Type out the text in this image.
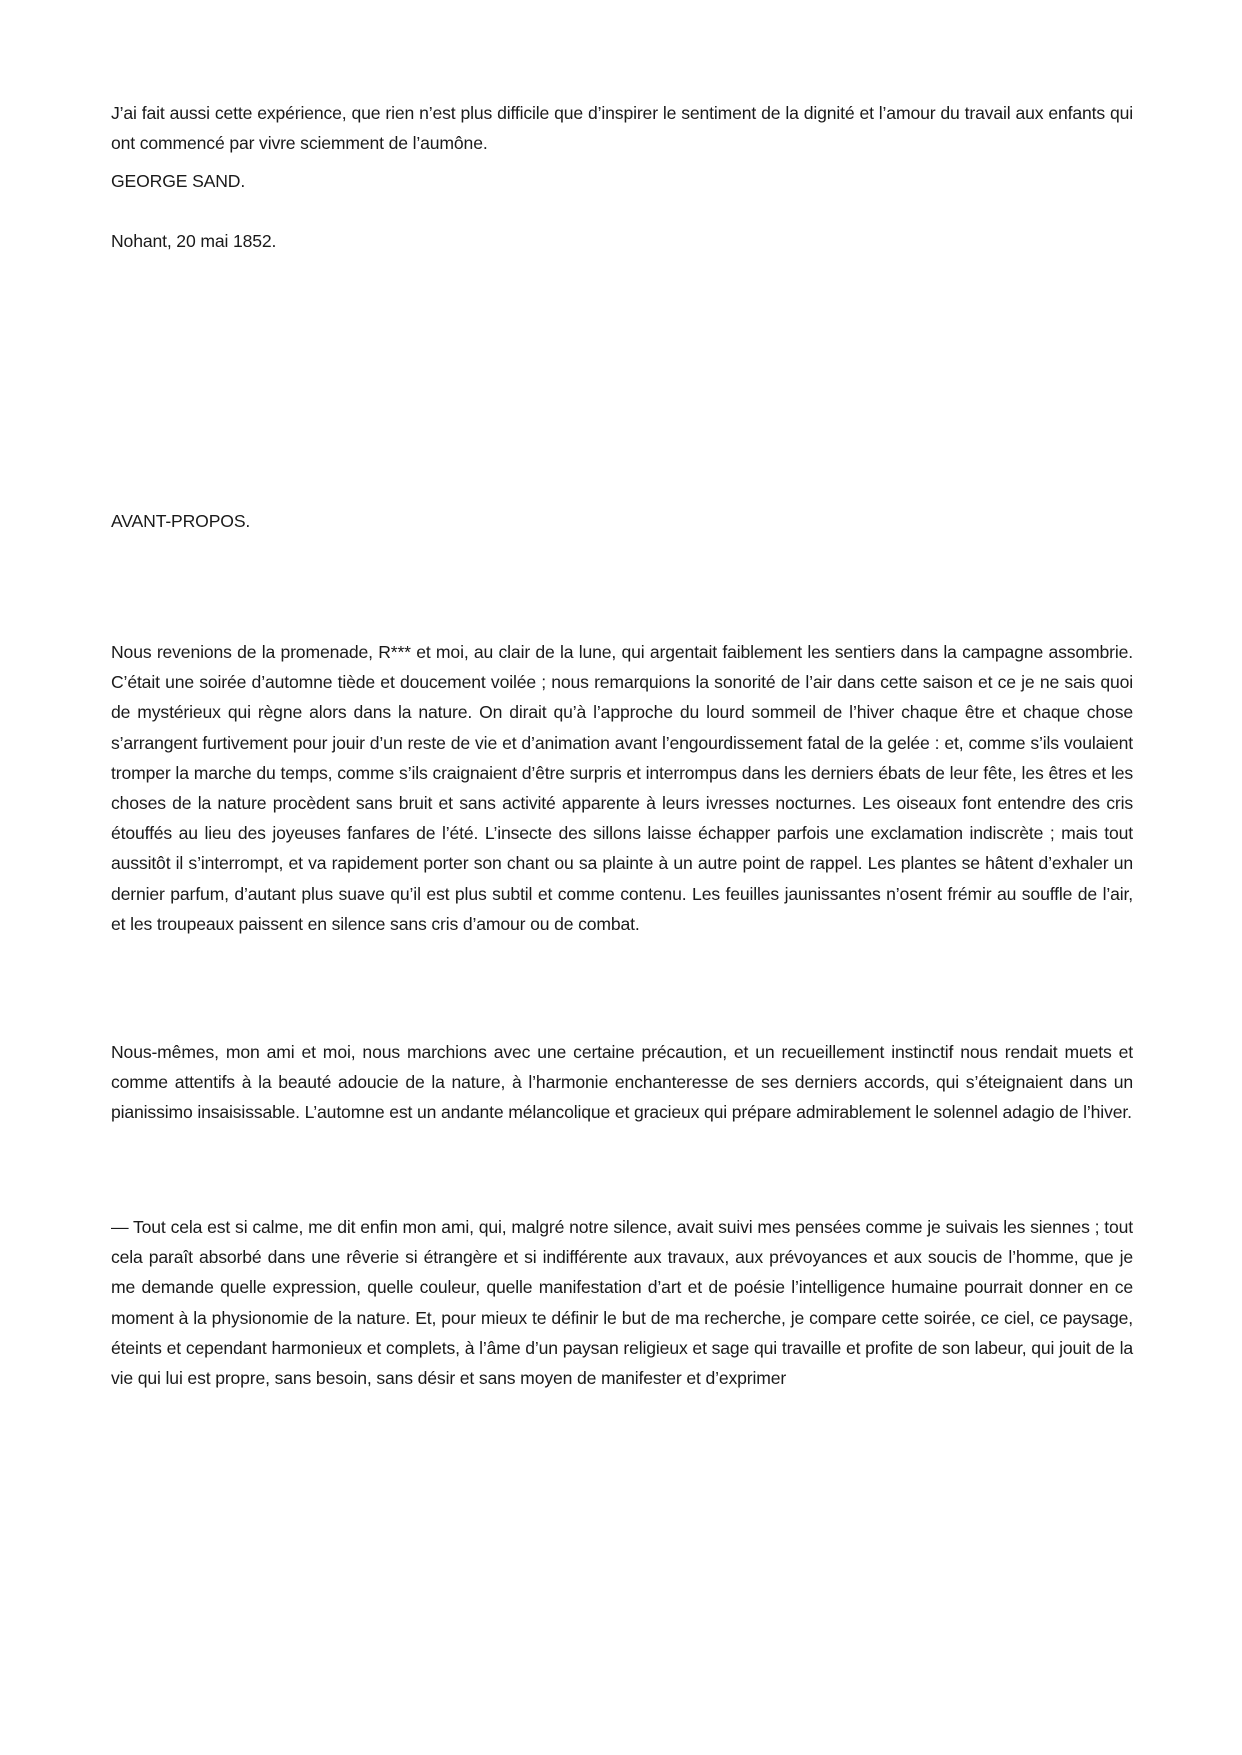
J’ai fait aussi cette expérience, que rien n’est plus difficile que d’inspirer le sentiment de la dignité et l’amour du travail aux enfants qui ont commencé par vivre sciemment de l’aumône.

GEORGE SAND.

Nohant, 20 mai 1852.

AVANT-PROPOS.

Nous revenions de la promenade, R*** et moi, au clair de la lune, qui argentait faiblement les sentiers dans la campagne assombrie. C’était une soirée d’automne tiède et doucement voilée ; nous remarquions la sonorité de l’air dans cette saison et ce je ne sais quoi de mystérieux qui règne alors dans la nature. On dirait qu’à l’approche du lourd sommeil de l’hiver chaque être et chaque chose s’arrangent furtivement pour jouir d’un reste de vie et d’animation avant l’engourdissement fatal de la gelée : et, comme s’ils voulaient tromper la marche du temps, comme s’ils craignaient d’être surpris et interrompus dans les derniers ébats de leur fête, les êtres et les choses de la nature procèdent sans bruit et sans activité apparente à leurs ivresses nocturnes. Les oiseaux font entendre des cris étouffés au lieu des joyeuses fanfares de l’été. L’insecte des sillons laisse échapper parfois une exclamation indiscrète ; mais tout aussitôt il s’interrompt, et va rapidement porter son chant ou sa plainte à un autre point de rappel. Les plantes se hâtent d’exhaler un dernier parfum, d’autant plus suave qu’il est plus subtil et comme contenu. Les feuilles jaunissantes n’osent frémir au souffle de l’air, et les troupeaux paissent en silence sans cris d’amour ou de combat.

Nous-mêmes, mon ami et moi, nous marchions avec une certaine précaution, et un recueillement instinctif nous rendait muets et comme attentifs à la beauté adoucie de la nature, à l’harmonie enchanteresse de ses derniers accords, qui s’éteignaient dans un pianissimo insaisissable. L’automne est un andante mélancolique et gracieux qui prépare admirablement le solennel adagio de l’hiver.

— Tout cela est si calme, me dit enfin mon ami, qui, malgré notre silence, avait suivi mes pensées comme je suivais les siennes ; tout cela paraît absorbé dans une rêverie si étrangère et si indifférente aux travaux, aux prévoyances et aux soucis de l’homme, que je me demande quelle expression, quelle couleur, quelle manifestation d’art et de poésie l’intelligence humaine pourrait donner en ce moment à la physionomie de la nature. Et, pour mieux te définir le but de ma recherche, je compare cette soirée, ce ciel, ce paysage, éteints et cependant harmonieux et complets, à l’âme d’un paysan religieux et sage qui travaille et profite de son labeur, qui jouit de la vie qui lui est propre, sans besoin, sans désir et sans moyen de manifester et d’exprimer
